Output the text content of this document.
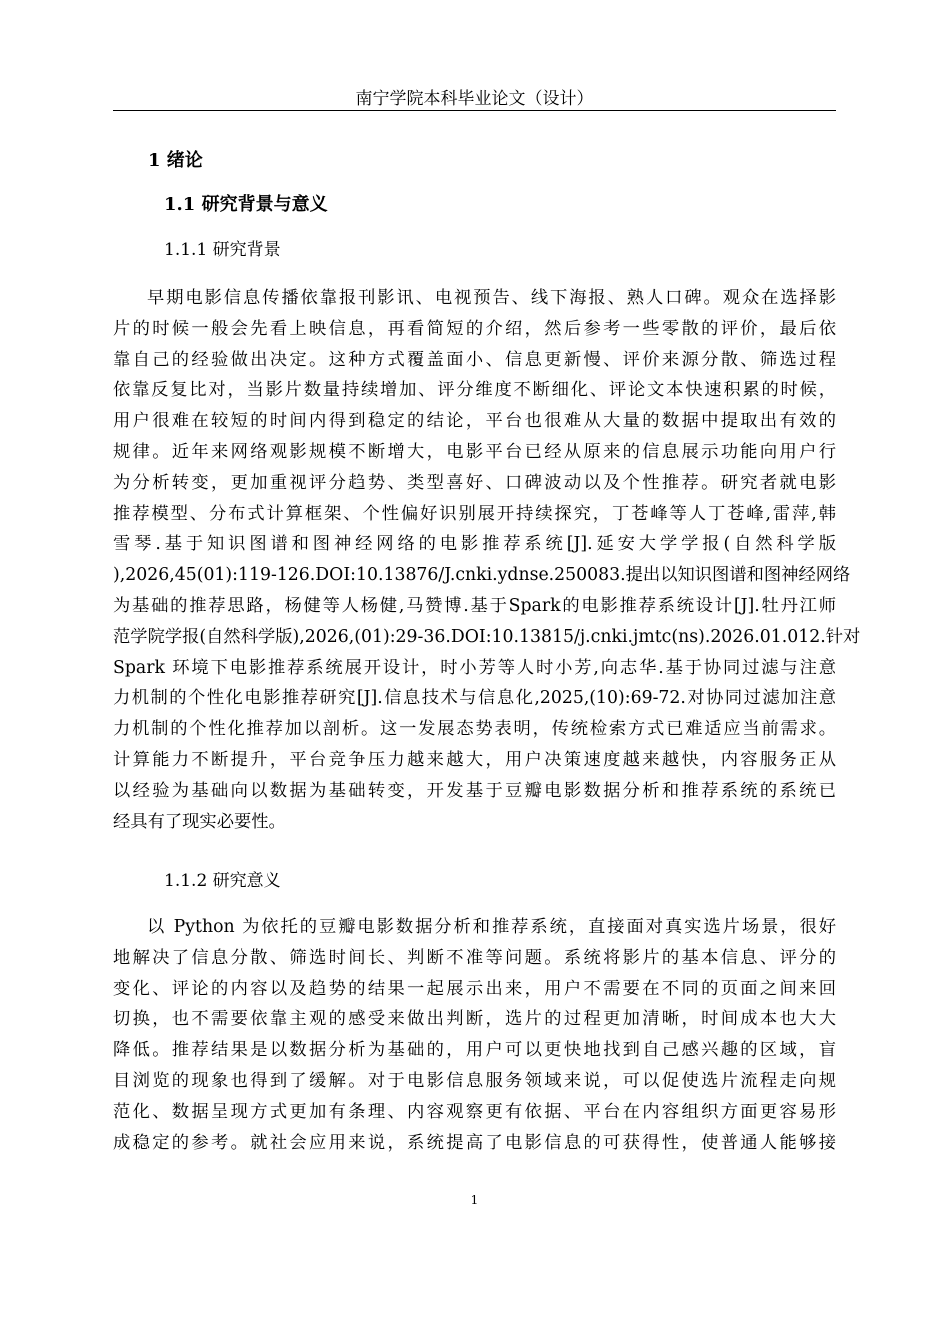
南宁学院本科毕业论文（设计）
1 绪论
1.1 研究背景与意义
1.1.1 研究背景
早期电影信息传播依靠报刊影讯、电视预告、线下海报、熟人口碑。观众在选择影
片的时候一般会先看上映信息，再看简短的介绍，然后参考一些零散的评价，最后依
靠自己的经验做出决定。这种方式覆盖面小、信息更新慢、评价来源分散、筛选过程
依靠反复比对，当影片数量持续增加、评分维度不断细化、评论文本快速积累的时候，
用户很难在较短的时间内得到稳定的结论，平台也很难从大量的数据中提取出有效的
规律。近年来网络观影规模不断增大，电影平台已经从原来的信息展示功能向用户行
为分析转变，更加重视评分趋势、类型喜好、口碑波动以及个性推荐。研究者就电影
推荐模型、分布式计算框架、个性偏好识别展开持续探究，丁苍峰等人丁苍峰,雷萍,韩
雪琴.基于知识图谱和图神经网络的电影推荐系统[J].延安大学学报(自然科学版
),2026,45(01):119-126.DOI:10.13876/J.cnki.ydnse.250083.提出以知识图谱和图神经网络
为基础的推荐思路，杨健等人杨健,马赞博.基于Spark的电影推荐系统设计[J].牡丹江师
范学院学报(自然科学版),2026,(01):29-36.DOI:10.13815/j.cnki.jmtc(ns).2026.01.012.针对
Spark 环境下电影推荐系统展开设计，时小芳等人时小芳,向志华.基于协同过滤与注意
力机制的个性化电影推荐研究[J].信息技术与信息化,2025,(10):69-72.对协同过滤加注意
力机制的个性化推荐加以剖析。这一发展态势表明，传统检索方式已难适应当前需求。
计算能力不断提升，平台竞争压力越来越大，用户决策速度越来越快，内容服务正从
以经验为基础向以数据为基础转变，开发基于豆瓣电影数据分析和推荐系统的系统已
经具有了现实必要性。
1.1.2 研究意义
以 Python 为依托的豆瓣电影数据分析和推荐系统，直接面对真实选片场景，很好
地解决了信息分散、筛选时间长、判断不准等问题。系统将影片的基本信息、评分的
变化、评论的内容以及趋势的结果一起展示出来，用户不需要在不同的页面之间来回
切换，也不需要依靠主观的感受来做出判断，选片的过程更加清晰，时间成本也大大
降低。推荐结果是以数据分析为基础的，用户可以更快地找到自己感兴趣的区域，盲
目浏览的现象也得到了缓解。对于电影信息服务领域来说，可以促使选片流程走向规
范化、数据呈现方式更加有条理、内容观察更有依据、平台在内容组织方面更容易形
成稳定的参考。就社会应用来说，系统提高了电影信息的可获得性，使普通人能够接
1
